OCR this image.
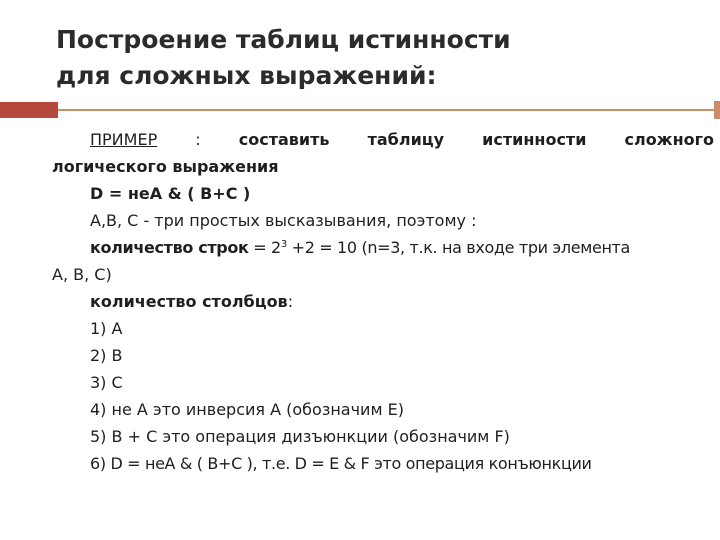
Построение таблиц истинности
для сложных выражений:
ПРИМЕР : составить таблицу истинности сложного
логического выражения
D = неA & ( B+C )
A,B, C - три простых высказывания, поэтому :
количество строк = $2^3 +2 = 10$ (n=3, т.к. на входе три элемента
A, B, C)
количество столбцов:
1) A
2) B
3) C
4) не A это инверсия A (обозначим E)
5) B + C это операция дизъюнкции (обозначим F)
6) D = неA & ( B+C ), т.е. D = E & F это операция конъюнкции
